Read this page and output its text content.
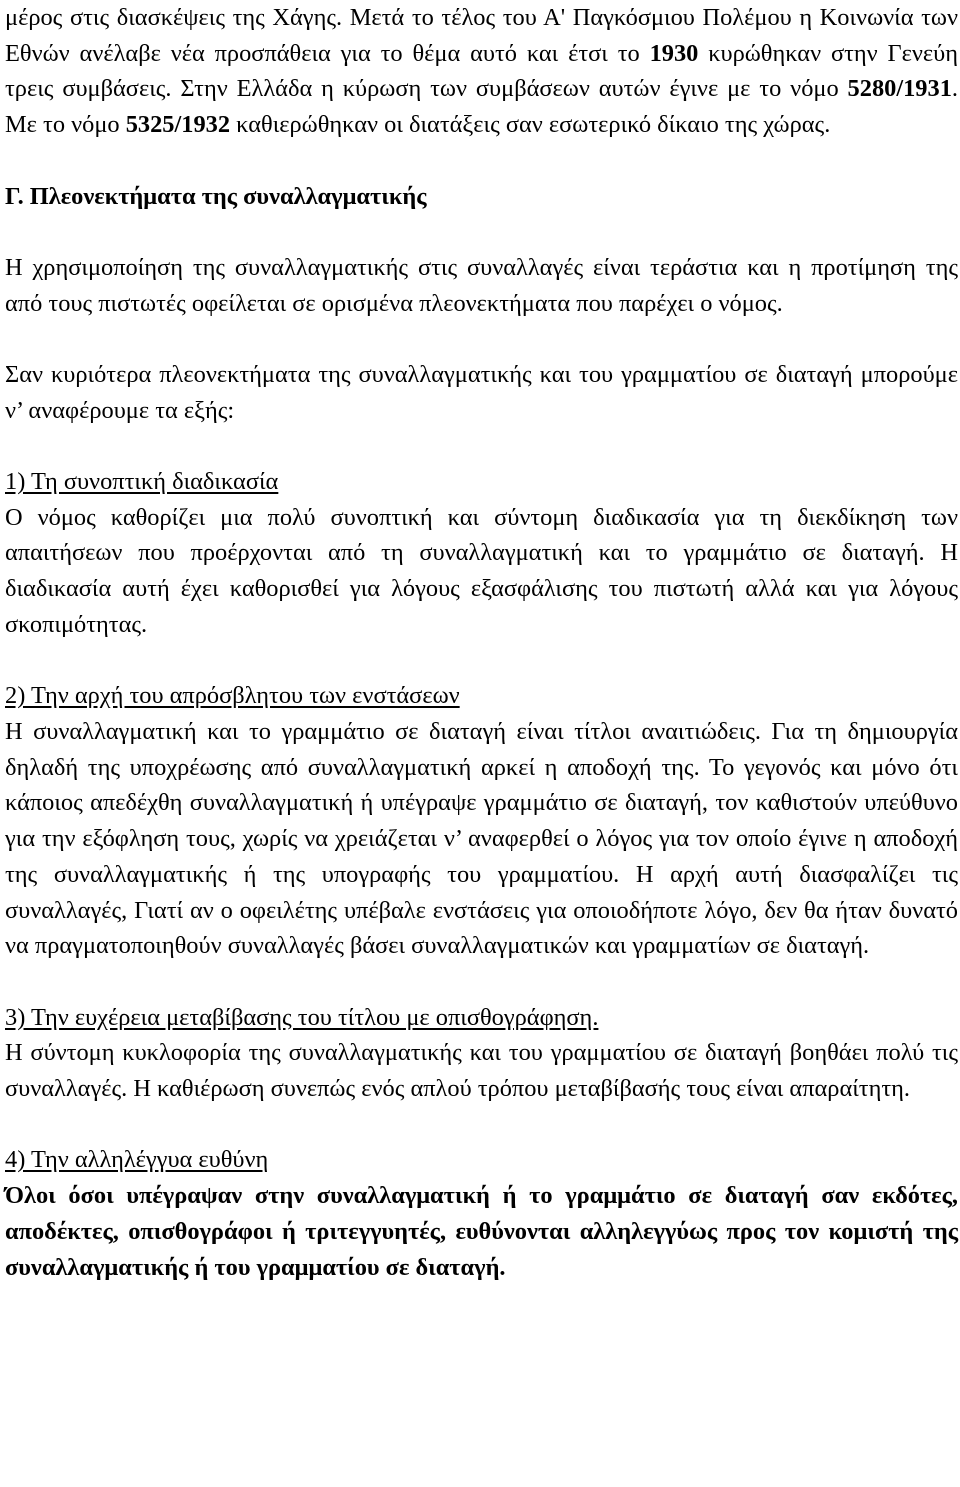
μέρος στις διασκέψεις της Χάγης. Μετά το τέλος του Α' Παγκόσμιου Πολέμου η Κοινωνία των Εθνών ανέλαβε νέα προσπάθεια για το θέμα αυτό και έτσι το 1930 κυρώθηκαν στην Γενεύη τρεις συμβάσεις. Στην Ελλάδα η κύρωση των συμβάσεων αυτών έγινε με το νόμο 5280/1931. Με το νόμο 5325/1932 καθιερώθηκαν οι διατάξεις σαν εσωτερικό δίκαιο της χώρας.

Γ. Πλεονεκτήματα της συναλλαγματικής

Η χρησιμοποίηση της συναλλαγματικής στις συναλλαγές είναι τεράστια και η προτίμηση της από τους πιστωτές οφείλεται σε ορισμένα πλεονεκτήματα που παρέχει ο νόμος.

Σαν κυριότερα πλεονεκτήματα της συναλλαγματικής και του γραμματίου σε διαταγή μπορούμε ν’ αναφέρουμε τα εξής:

1) Τη συνοπτική διαδικασία

Ο νόμος καθορίζει μια πολύ συνοπτική και σύντομη διαδικασία για τη διεκδίκηση των απαιτήσεων που προέρχονται από τη συναλλαγματική και το γραμμάτιο σε διαταγή. Η διαδικασία αυτή έχει καθορισθεί για λόγους εξασφάλισης του πιστωτή αλλά και για λόγους σκοπιμότητας.

2) Την αρχή του απρόσβλητου των ενστάσεων

Η συναλλαγματική και το γραμμάτιο σε διαταγή είναι τίτλοι αναιτιώδεις. Για τη δημιουργία δηλαδή της υποχρέωσης από συναλλαγματική αρκεί η αποδοχή της. Το γεγονός και μόνο ότι κάποιος απεδέχθη συναλλαγματική ή υπέγραψε γραμμάτιο σε διαταγή, τον καθιστούν υπεύθυνο για την εξόφληση τους, χωρίς να χρειάζεται ν’ αναφερθεί ο λόγος για τον οποίο έγινε η αποδοχή της συναλλαγματικής ή της υπογραφής του γραμματίου. Η αρχή αυτή διασφαλίζει τις συναλλαγές, Γιατί αν ο οφειλέτης υπέβαλε ενστάσεις για οποιοδήποτε λόγο, δεν θα ήταν δυνατό να πραγματοποιηθούν συναλλαγές βάσει συναλλαγματικών και γραμματίων σε διαταγή.

3) Την ευχέρεια μεταβίβασης του τίτλου με οπισθογράφηση.

Η σύντομη κυκλοφορία της συναλλαγματικής και του γραμματίου σε διαταγή βοηθάει πολύ τις συναλλαγές. Η καθιέρωση συνεπώς ενός απλού τρόπου μεταβίβασής τους είναι απαραίτητη.

4) Την αλληλέγγυα ευθύνη

Όλοι όσοι υπέγραψαν στην συναλλαγματική ή το γραμμάτιο σε διαταγή σαν εκδότες, αποδέκτες, οπισθογράφοι ή τριτεγγυητές, ευθύνονται αλληλεγγύως προς τον κομιστή της συναλλαγματικής ή του γραμματίου σε διαταγή.
